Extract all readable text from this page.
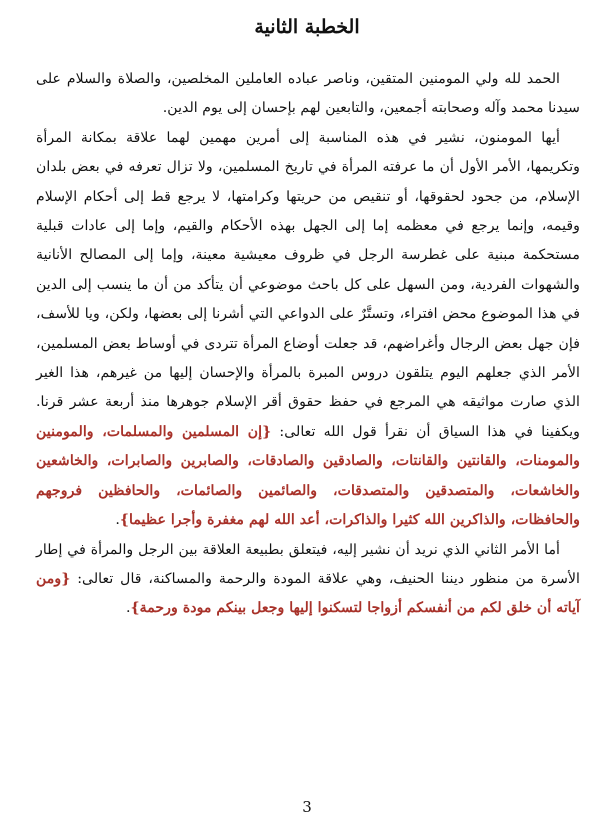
الخطبة الثانية

الحمد لله ولي المومنين المتقين، وناصر عباده العاملين المخلصين، والصلاة والسلام على سيدنا محمد وآله وصحابته أجمعين، والتابعين لهم بإحسان إلى يوم الدين.

أيها المومنون، نشير في هذه المناسبة إلى أمرين مهمين لهما علاقة بمكانة المرأة وتكريمها، الأمر الأول أن ما عرفته المرأة في تاريخ المسلمين، ولا تزال تعرفه في بعض بلدان الإسلام، من جحود لحقوقها، أو تنقيص من حريتها وكرامتها، لا يرجع قط إلى أحكام الإسلام وقيمه، وإنما يرجع في معظمه إما إلى الجهل بهذه الأحكام والقيم، وإما إلى عادات قبلية مستحكمة مبنية على غطرسة الرجل في ظروف معيشية معينة، وإما إلى المصالح الأنانية والشهوات الفردية، ومن السهل على كل باحث موضوعي أن يتأكد من أن ما ينسب إلى الدين في هذا الموضوع محض افتراء، وتستَّرٌ على الدواعي التي أشرنا إلى بعضها، ولكن، ويا للأسف، فإن جهل بعض الرجال وأغراضهم، قد جعلت أوضاع المرأة تتردى في أوساط بعض المسلمين، الأمر الذي جعلهم اليوم يتلقون دروس المبرة بالمرأة والإحسان إليها من غيرهم، هذا الغير الذي صارت مواثيقه هي المرجع في حفظ حقوق أقر الإسلام جوهرها منذ أربعة عشر قرنا. ويكفينا في هذا السياق أن نقرأ قول الله تعالى: {إن المسلمين والمسلمات، والمومنين والمومنات، والقانتين والقانتات، والصادقين والصادقات، والصابرين والصابرات، والخاشعين والخاشعات، والمتصدقين والمتصدقات، والصائمين والصائمات، والحافظين فروجهم والحافظات، والذاكرين الله كثيرا والذاكرات، أعد الله لهم مغفرة وأجرا عظيما}.

أما الأمر الثاني الذي نريد أن نشير إليه، فيتعلق بطبيعة العلاقة بين الرجل والمرأة في إطار الأسرة من منظور ديننا الحنيف، وهي علاقة المودة والرحمة والمساكنة، قال تعالى: {ومن آياته أن خلق لكم من أنفسكم أزواجا لتسكنوا إليها وجعل بينكم مودة ورحمة}.

3
